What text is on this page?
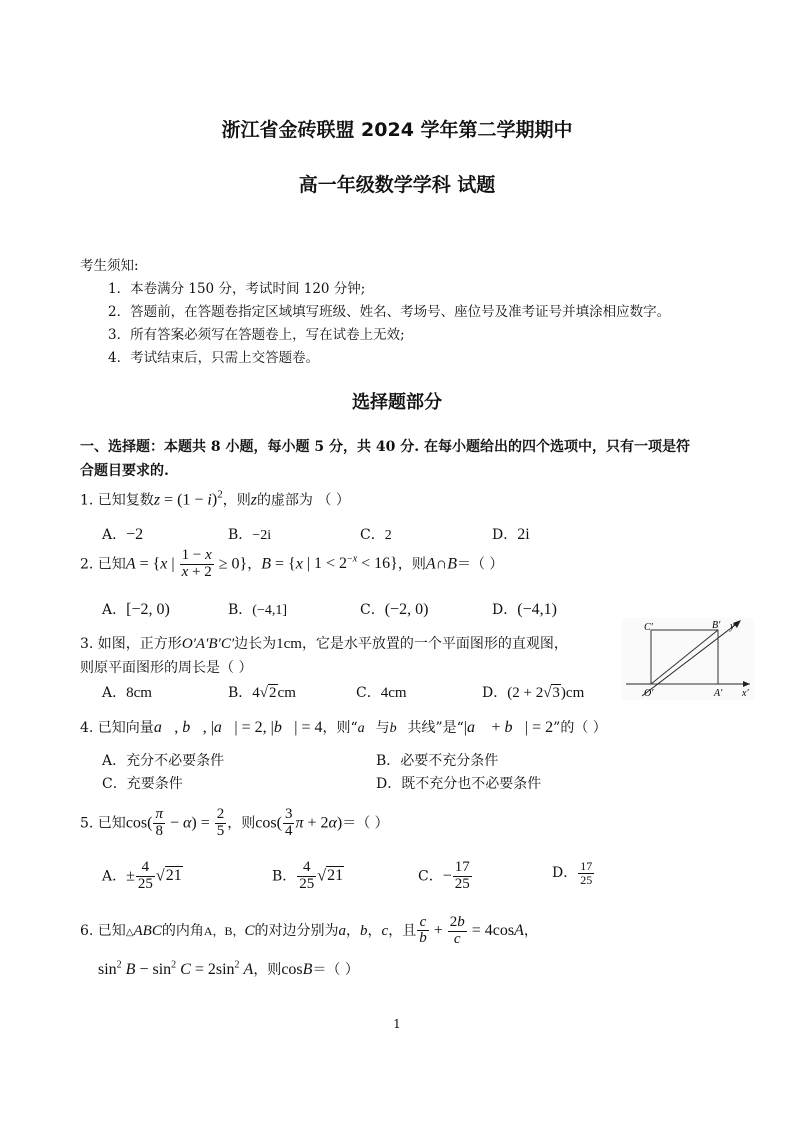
浙江省金砖联盟 2024 学年第二学期期中
高一年级数学学科 试题
考生须知:
1．本卷满分 150 分，考试时间 120 分钟;
2．答题前，在答题卷指定区域填写班级、姓名、考场号、座位号及准考证号并填涂相应数字。
3．所有答案必须写在答题卷上，写在试卷上无效;
4．考试结束后，只需上交答题卷。
选择题部分
一、选择题：本题共 8 小题，每小题 5 分，共 40 分. 在每小题给出的四个选项中，只有一项是符
合题目要求的.
1. 已知复数$z = (1 - i)^2$，则z的虚部为 （ ）
A．−2	B．−2i	C．2	D．2i
2. 已知A = {x | $\frac{1 - x}{x + 2} \ge 0$}，B = {x | $1 < 2^{-x} < 16$}，则A∩B＝（ ）
A．[−2, 0)	B．(−4,1]	C．(−2, 0)	D．(−4,1)
3. 如图，正方形O′A′B′C′边长为1cm，它是水平放置的一个平面图形的直观图，
则原平面图形的周长是（ ）
A．8cm	B．4√2cm	C．4cm	D．(2 + 2√3)cm
C′	B′ y′
O′	A′ x′
4. 已知向量a⃗, b⃗, |a⃗| = 2, |b⃗| = 4，则“a⃗与b⃗共线”是“|a⃗ + b⃗| = 2”的（ ）
A．充分不必要条件	B．必要不充分条件
C．充要条件	D．既不充分也不必要条件
5. 已知$\cos( \frac{\pi}{8} - \alpha) = \frac{2}{5}$ ，则$\cos( \frac{3}{4}$ π + 2α)＝（ ）
A．± $\frac{4}{25} √21$	B． $\frac{4}{25} √21$	C．− $\frac{17}{25}$	D． $\frac{17}{25}$
6. 已知△ABC的内角A，B，C的对边分别为a，b，c，且 $\frac{c}{b} + \frac{2b}{c} = 4\cos A$，
$\sin^2 B - \sin^2 C = 2\sin^2$ A，则cosB＝（ ）
1
